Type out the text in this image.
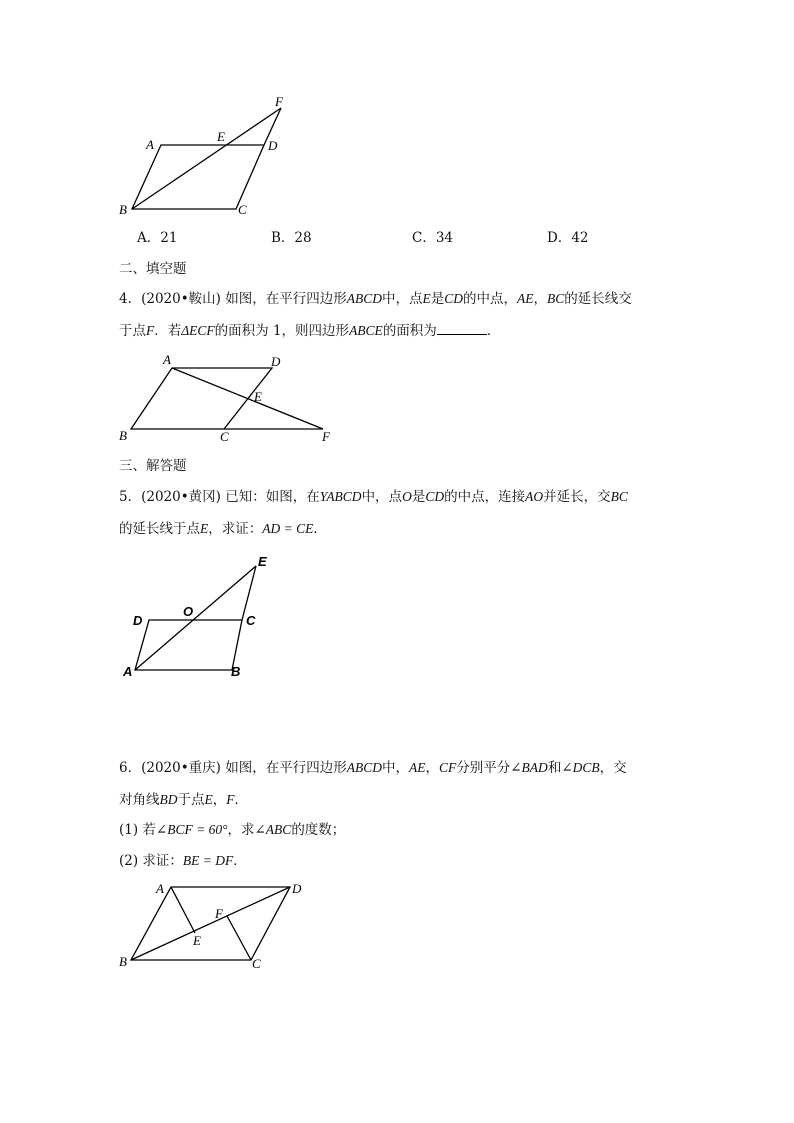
A
B	C
D
E
F
A．21	B．28	C．34	D．42
二、填空题
4．(2020•鞍山) 如图，在平行四边形ABCD中，点E是CD的中点，AE，BC的延长线交
于点F．若ΔECF的面积为 1，则四边形ABCE的面积为	．
A
B	C
D
E
F
三、解答题
5．(2020•黄冈) 已知：如图，在YABCD中，点O是CD的中点，连接AO并延长，交BC
的延长线于点E，求证：AD = CE．
A	B
C
D
E
O
6．(2020•重庆) 如图，在平行四边形ABCD中，AE，CF分别平分∠BAD和∠DCB，交
对角线BD于点E，F．
(1) 若∠BCF = 60°，求∠ABC的度数；
(2) 求证：BE = DF．
A
B	C
D
E
F
